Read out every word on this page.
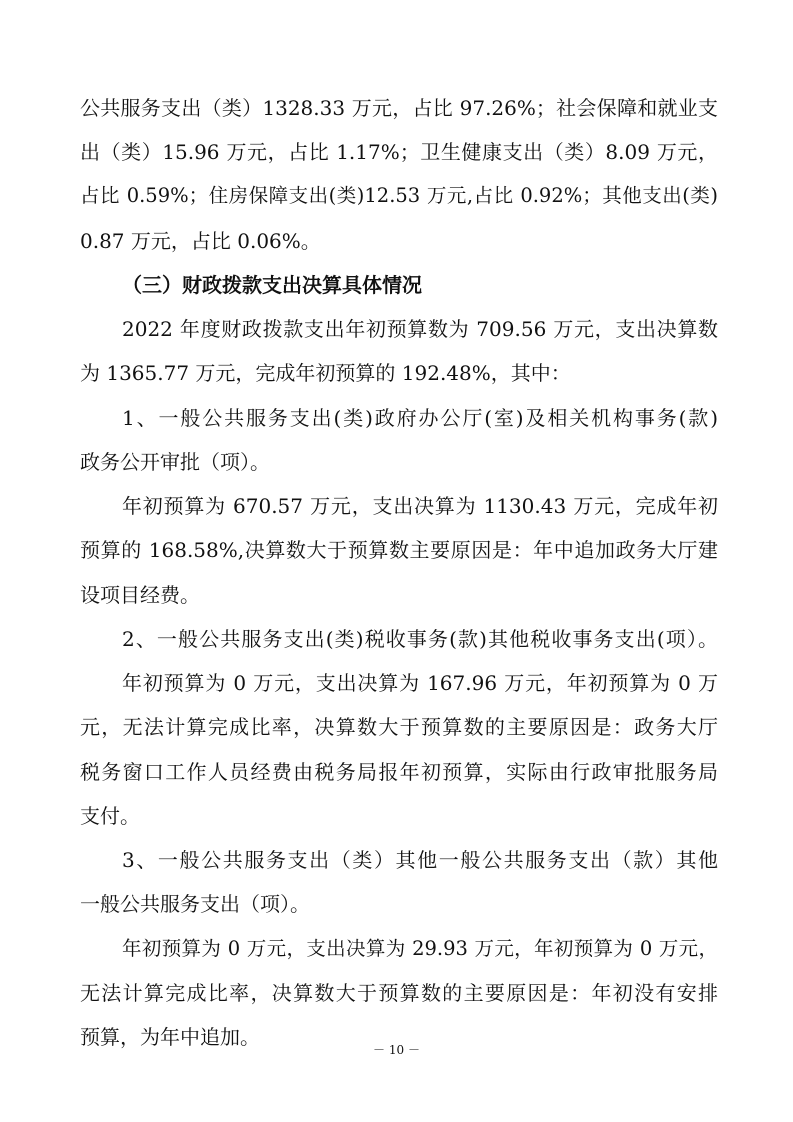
公共服务支出（类）1328.33 万元，占比 97.26%；社会保障和就业支
出（类）15.96 万元，占比 1.17%；卫生健康支出（类）8.09 万元，
占比 0.59%；住房保障支出(类)12.53 万元,占比 0.92%；其他支出(类)
0.87 万元，占比 0.06%。
（三）财政拨款支出决算具体情况
2022 年度财政拨款支出年初预算数为 709.56 万元，支出决算数
为 1365.77 万元，完成年初预算的 192.48%，其中：
1、一般公共服务支出(类)政府办公厅(室)及相关机构事务(款)
政务公开审批（项）。
年初预算为 670.57 万元，支出决算为 1130.43 万元，完成年初
预算的 168.58%,决算数大于预算数主要原因是：年中追加政务大厅建
设项目经费。
2、一般公共服务支出(类)税收事务(款)其他税收事务支出(项）。
年初预算为 0 万元，支出决算为 167.96 万元，年初预算为 0 万
元，无法计算完成比率，决算数大于预算数的主要原因是：政务大厅
税务窗口工作人员经费由税务局报年初预算，实际由行政审批服务局
支付。
3、一般公共服务支出（类）其他一般公共服务支出（款）其他
一般公共服务支出（项）。
年初预算为 0 万元，支出决算为 29.93 万元，年初预算为 0 万元，
无法计算完成比率，决算数大于预算数的主要原因是：年初没有安排
预算，为年中追加。
－ 10 －
